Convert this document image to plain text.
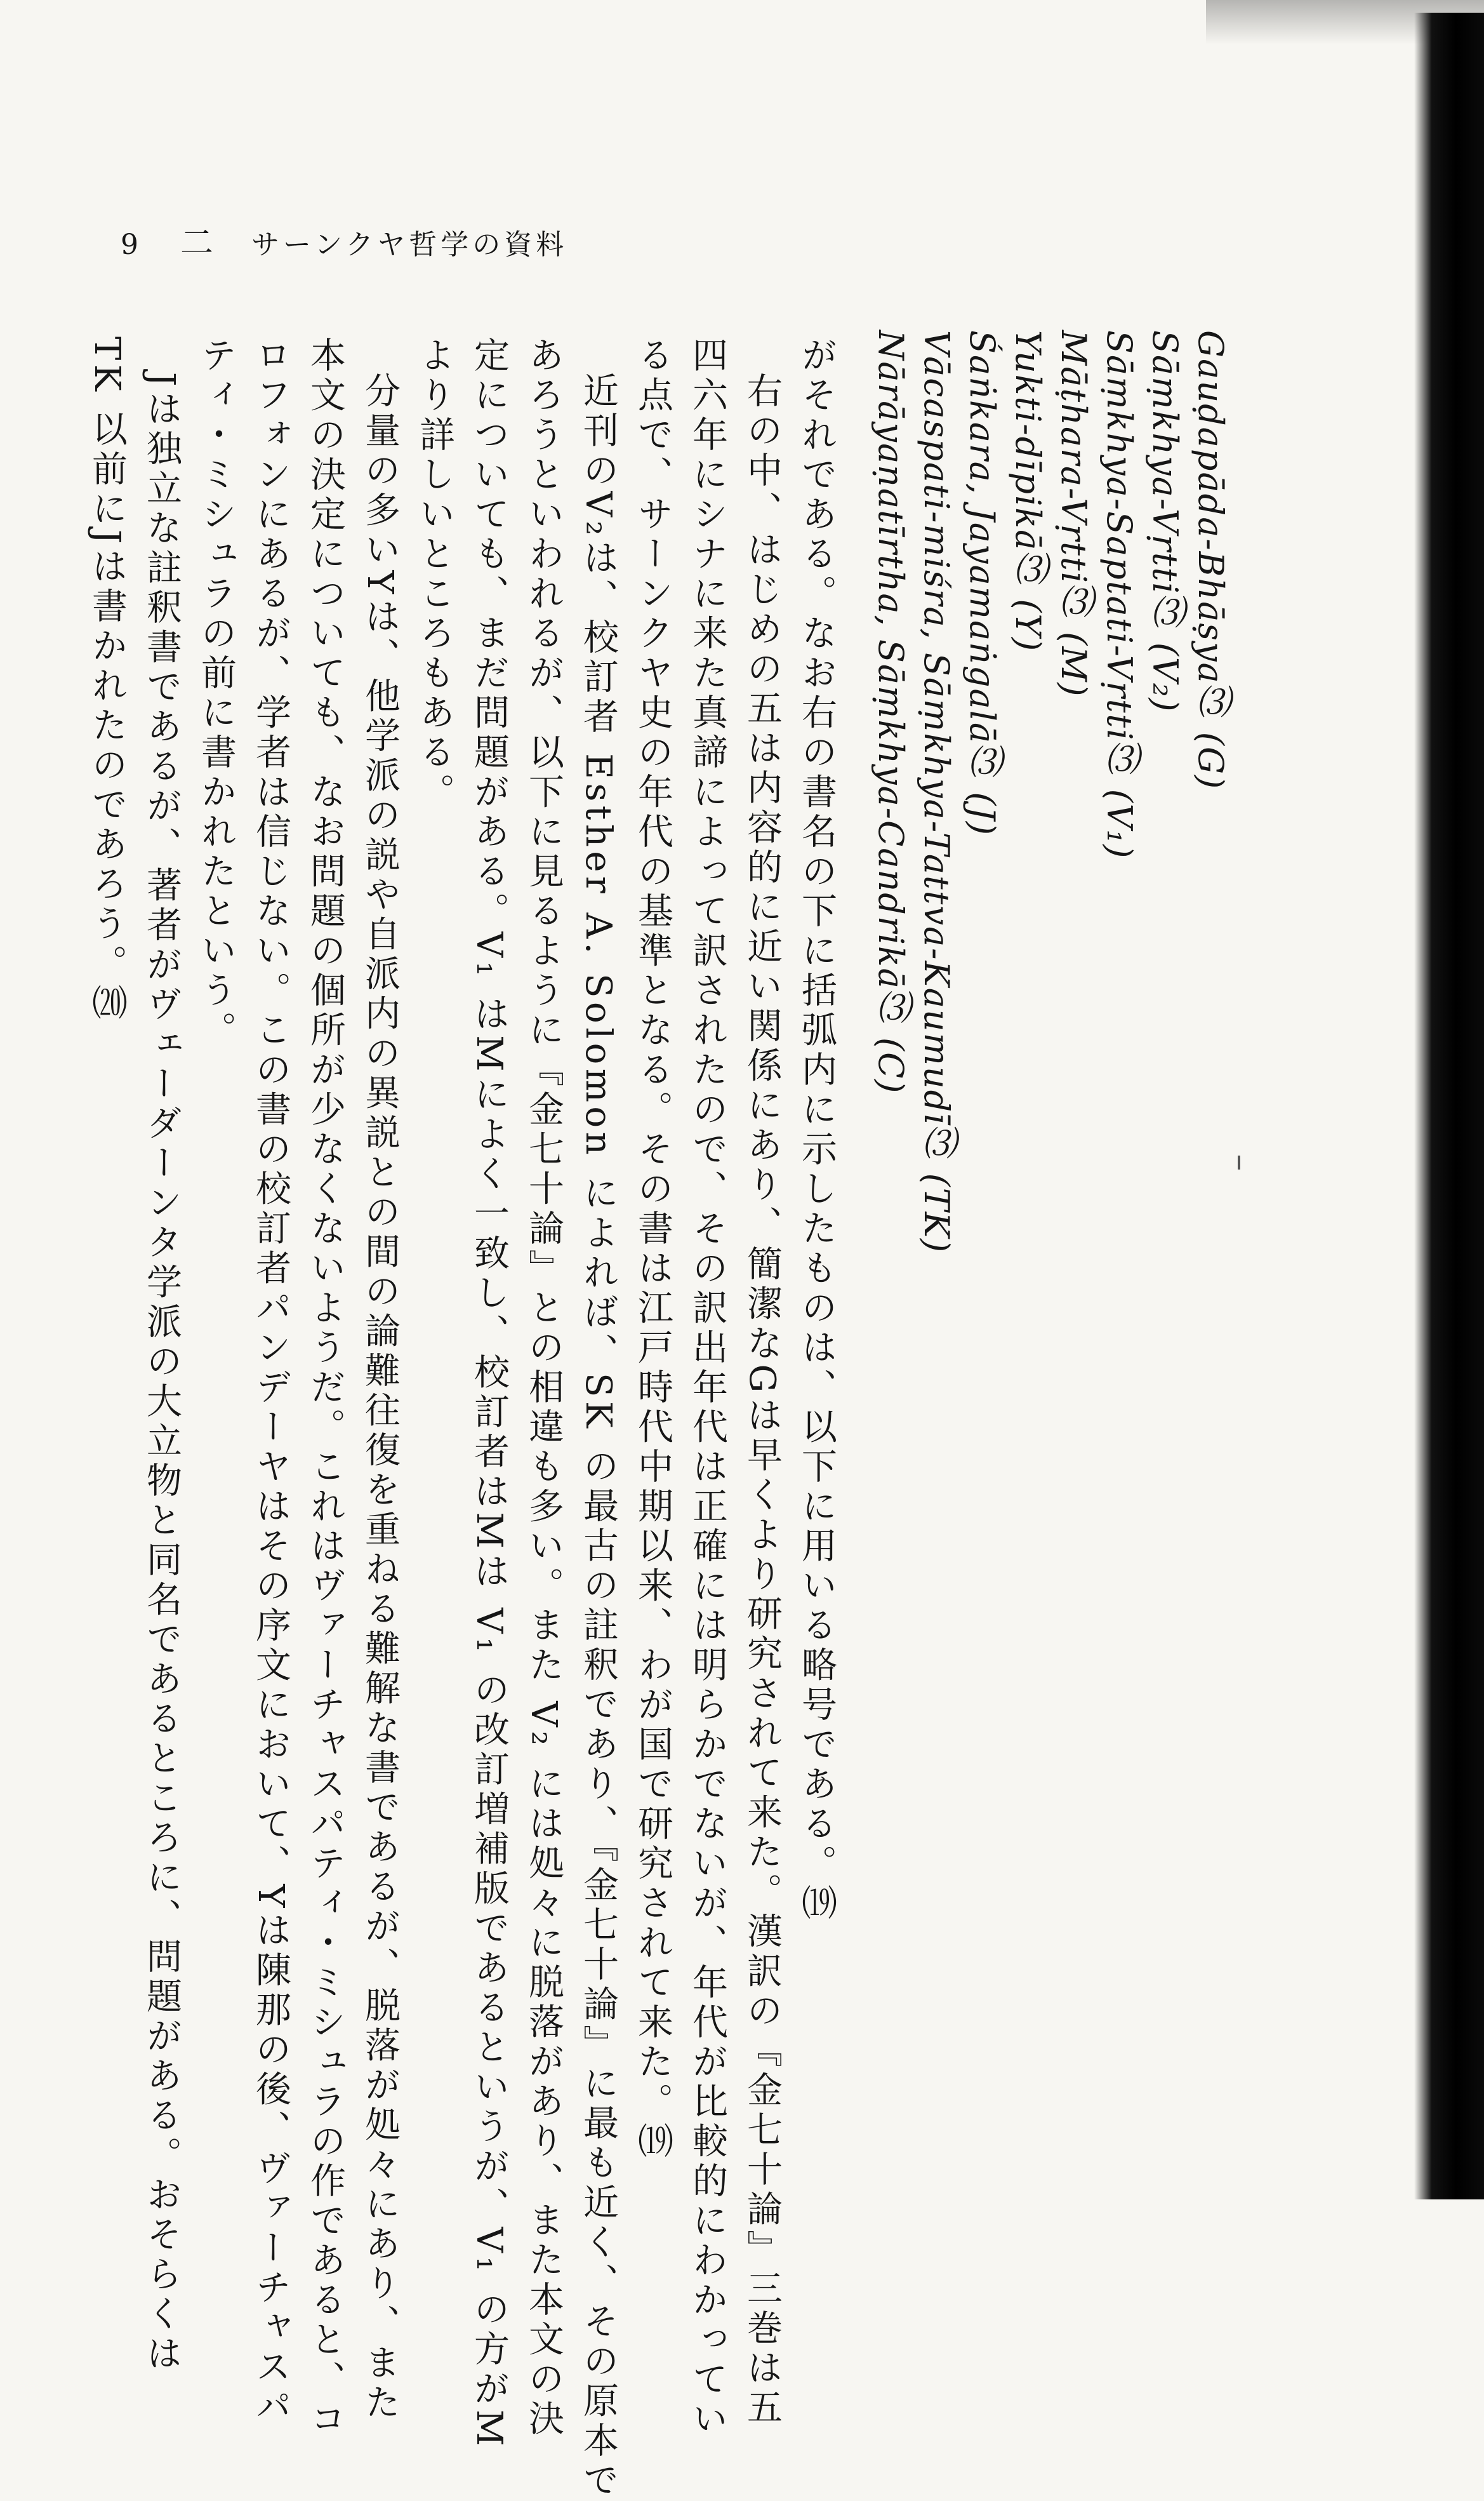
9 二 サーンクヤ哲学の資料
Gauḍapāda-Bhāṣya⑶ (G)
Sāṃkhya-Vṛtti⑶ (V₂)
Sāṃkhya-Saptati-Vṛtti⑶ (V₁)
Māṭhara-Vṛtti⑶ (M)
Yukti-dīpikā⑶ (Y)
Śaṅkara, Jayamaṅgalā⑶ (J)
Vācaspati-miśra, Sāṃkhya-Tattva-Kaumudī⑶ (TK)
Nārāyaṇatīrtha, Sāṃkhya-Candrikā⑶ (C)
がそれである。なお右の書名の下に括弧内に示したものは、以下に用いる略号である。⒆
右の中、はじめの五は内容的に近い関係にあり、簡潔なGは早くより研究されて来た。漢訳の『金七十論』三巻は五
四六年にシナに来た真諦によって訳されたので、その訳出年代は正確には明らかでないが、年代が比較的にわかってい
る点で、サーンクヤ史の年代の基準となる。その書は江戸時代中期以来、わが国で研究されて来た。⒆
近刊のV₂は、校訂者 Esther A. Solomon によれば、SK の最古の註釈であり、『金七十論』に最も近く、その原本で
あろうといわれるが、以下に見るように『金七十論』との相違も多い。また V₂ には処々に脱落があり、また本文の決
定についても、まだ問題がある。V₁ はMによく一致し、校訂者はMは V₁ の改訂増補版であるというが、V₁ の方がM
より詳しいところもある。
分量の多いYは、他学派の説や自派内の異説との間の論難往復を重ねる難解な書であるが、脱落が処々にあり、また
本文の決定についても、なお問題の個所が少なくないようだ。これはヴァーチャスパティ・ミシュラの作であると、コ
ロフォンにあるが、学者は信じない。この書の校訂者パンデーヤはその序文において、Yは陳那の後、ヴァーチャスパ
ティ・ミシュラの前に書かれたという。
Jは独立な註釈書であるが、著者がヴェーダーンタ学派の大立物と同名であるところに、問題がある。おそらくは
TK 以前にJは書かれたのであろう。⒇
